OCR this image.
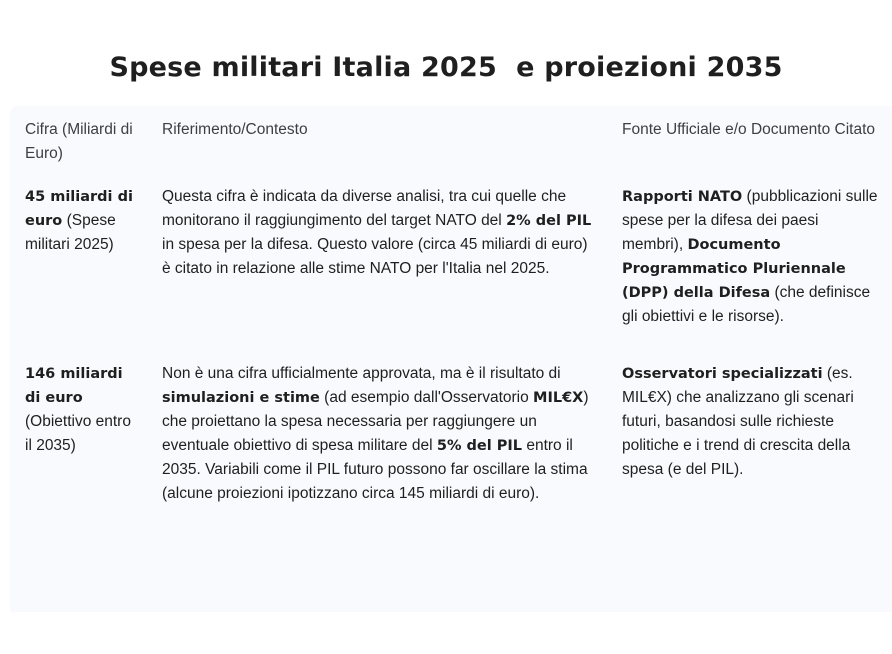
Spese militari Italia 2025  e proiezioni 2035
Cifra (Miliardi di Euro)	Riferimento/Contesto	Fonte Ufficiale e/o Documento Citato
45 miliardi di euro (Spese militari 2025)	Questa cifra è indicata da diverse analisi, tra cui quelle che monitorano il raggiungimento del target NATO del 2% del PIL in spesa per la difesa. Questo valore (circa 45 miliardi di euro) è citato in relazione alle stime NATO per l'Italia nel 2025.	Rapporti NATO (pubblicazioni sulle spese per la difesa dei paesi membri), Documento Programmatico Pluriennale (DPP) della Difesa (che definisce gli obiettivi e le risorse).
146 miliardi di euro (Obiettivo entro il 2035)	Non è una cifra ufficialmente approvata, ma è il risultato di simulazioni e stime (ad esempio dall'Osservatorio MIL€X) che proiettano la spesa necessaria per raggiungere un eventuale obiettivo di spesa militare del 5% del PIL entro il 2035. Variabili come il PIL futuro possono far oscillare la stima (alcune proiezioni ipotizzano circa 145 miliardi di euro).	Osservatori specializzati (es. MIL€X) che analizzano gli scenari futuri, basandosi sulle richieste politiche e i trend di crescita della spesa (e del PIL).
